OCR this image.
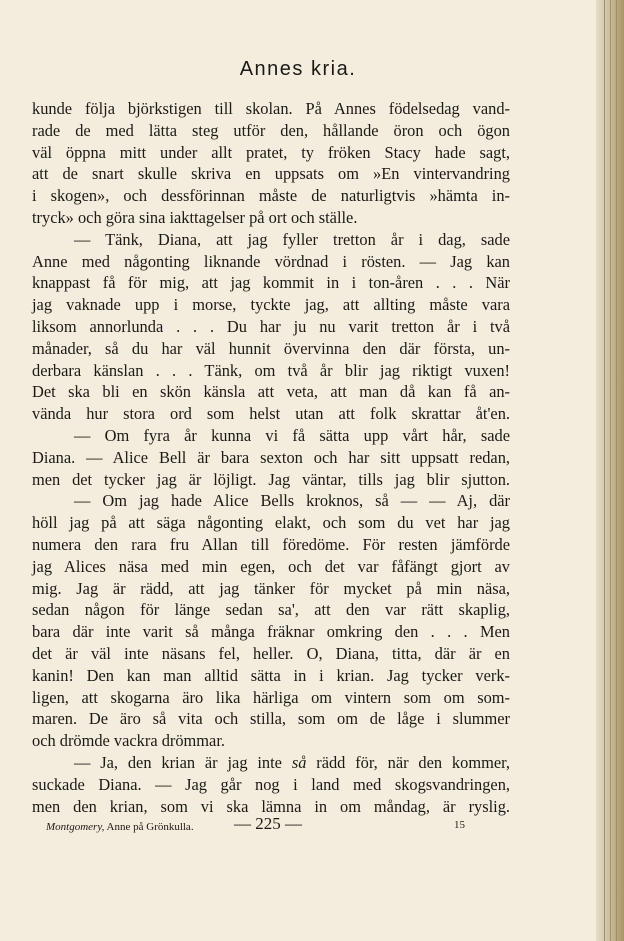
Annes kria.
kunde följa björkstigen till skolan. På Annes födelsedag vand-
rade de med lätta steg utför den, hållande öron och ögon
väl öppna mitt under allt pratet, ty fröken Stacy hade sagt,
att de snart skulle skriva en uppsats om »En vintervandring
i skogen», och dessförinnan måste de naturligtvis »hämta in-
tryck» och göra sina iakttagelser på ort och ställe.
— Tänk, Diana, att jag fyller tretton år i dag, sade
Anne med någonting liknande vördnad i rösten. — Jag kan
knappast få för mig, att jag kommit in i ton-åren . . . När
jag vaknade upp i morse, tyckte jag, att allting måste vara
liksom annorlunda . . . Du har ju nu varit tretton år i två
månader, så du har väl hunnit övervinna den där första, un-
derbara känslan . . . Tänk, om två år blir jag riktigt vuxen!
Det ska bli en skön känsla att veta, att man då kan få an-
vända hur stora ord som helst utan att folk skrattar åt'en.
— Om fyra år kunna vi få sätta upp vårt hår, sade
Diana. — Alice Bell är bara sexton och har sitt uppsatt redan,
men det tycker jag är löjligt. Jag väntar, tills jag blir sjutton.
— Om jag hade Alice Bells kroknos, så — — Aj, där
höll jag på att säga någonting elakt, och som du vet har jag
numera den rara fru Allan till föredöme. För resten jämförde
jag Alices näsa med min egen, och det var fåfängt gjort av
mig. Jag är rädd, att jag tänker för mycket på min näsa,
sedan någon för länge sedan sa', att den var rätt skaplig,
bara där inte varit så många fräknar omkring den . . . Men
det är väl inte näsans fel, heller. O, Diana, titta, där är en
kanin! Den kan man alltid sätta in i krian. Jag tycker verk-
ligen, att skogarna äro lika härliga om vintern som om som-
maren. De äro så vita och stilla, som om de låge i slummer
och drömde vackra drömmar.
— Ja, den krian är jag inte så rädd för, när den kommer,
suckade Diana. — Jag går nog i land med skogsvandringen,
men den krian, som vi ska lämna in om måndag, är ryslig.
Montgomery, Anne på Grönkulla. — 225 —	15
